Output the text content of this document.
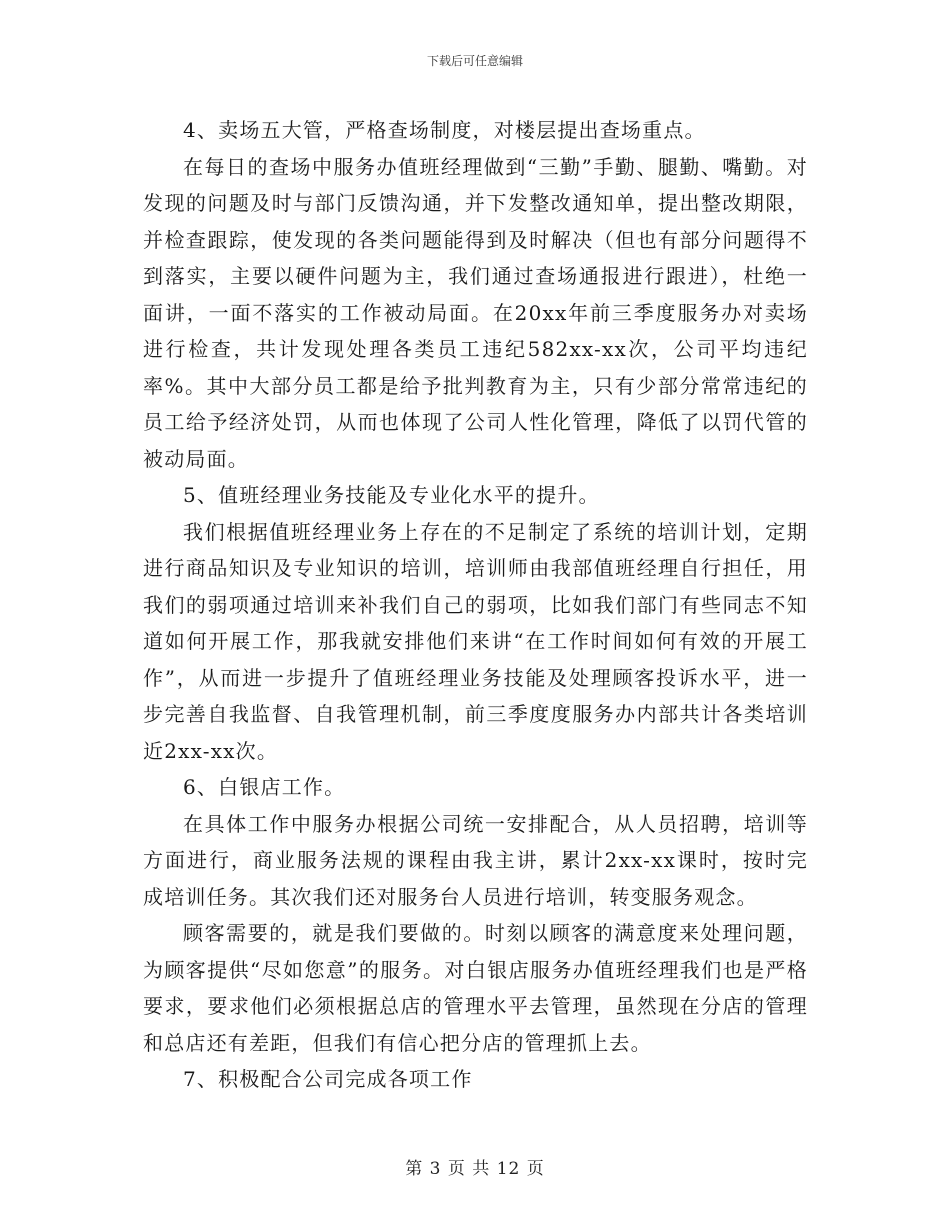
下载后可任意编辑

4、卖场五大管，严格查场制度，对楼层提出查场重点。

在每日的查场中服务办值班经理做到“三勤”手勤、腿勤、嘴勤。对发现的问题及时与部门反馈沟通，并下发整改通知单，提出整改期限，并检查跟踪，使发现的各类问题能得到及时解决（但也有部分问题得不到落实，主要以硬件问题为主，我们通过查场通报进行跟进），杜绝一面讲，一面不落实的工作被动局面。在20xx年前三季度服务办对卖场进行检查，共计发现处理各类员工违纪582xx-xx次，公司平均违纪率%。其中大部分员工都是给予批判教育为主，只有少部分常常违纪的员工给予经济处罚，从而也体现了公司人性化管理，降低了以罚代管的被动局面。

5、值班经理业务技能及专业化水平的提升。

我们根据值班经理业务上存在的不足制定了系统的培训计划，定期进行商品知识及专业知识的培训，培训师由我部值班经理自行担任，用我们的弱项通过培训来补我们自己的弱项，比如我们部门有些同志不知道如何开展工作，那我就安排他们来讲“在工作时间如何有效的开展工作”，从而进一步提升了值班经理业务技能及处理顾客投诉水平，进一步完善自我监督、自我管理机制，前三季度度服务办内部共计各类培训近2xx-xx次。

6、白银店工作。

在具体工作中服务办根据公司统一安排配合，从人员招聘，培训等方面进行，商业服务法规的课程由我主讲，累计2xx-xx课时，按时完成培训任务。其次我们还对服务台人员进行培训，转变服务观念。

顾客需要的，就是我们要做的。时刻以顾客的满意度来处理问题，为顾客提供“尽如您意”的服务。对白银店服务办值班经理我们也是严格要求，要求他们必须根据总店的管理水平去管理，虽然现在分店的管理和总店还有差距，但我们有信心把分店的管理抓上去。

7、积极配合公司完成各项工作

第 3 页 共 12 页
